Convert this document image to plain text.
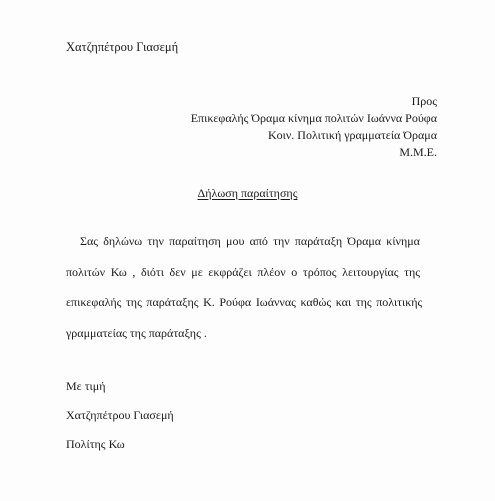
Χατζηπέτρου Γιασεμή
Προς
Επικεφαλής Όραμα κίνημα πολιτών Ιωάννα Ρούφα
Κοιν. Πολιτική γραμματεία Όραμα
Μ.Μ.Ε.
Δήλωση παραίτησης
Σας δηλώνω την παραίτηση μου από την παράταξη Όραμα κίνημα
πολιτών Κω , διότι δεν με εκφράζει πλέον ο τρόπος λειτουργίας της
επικεφαλής της παράταξης Κ. Ρούφα Ιωάννας καθώς και της πολιτικής
γραμματείας της παράταξης .
Με τιμή
Χατζηπέτρου Γιασεμή
Πολίτης Κω
